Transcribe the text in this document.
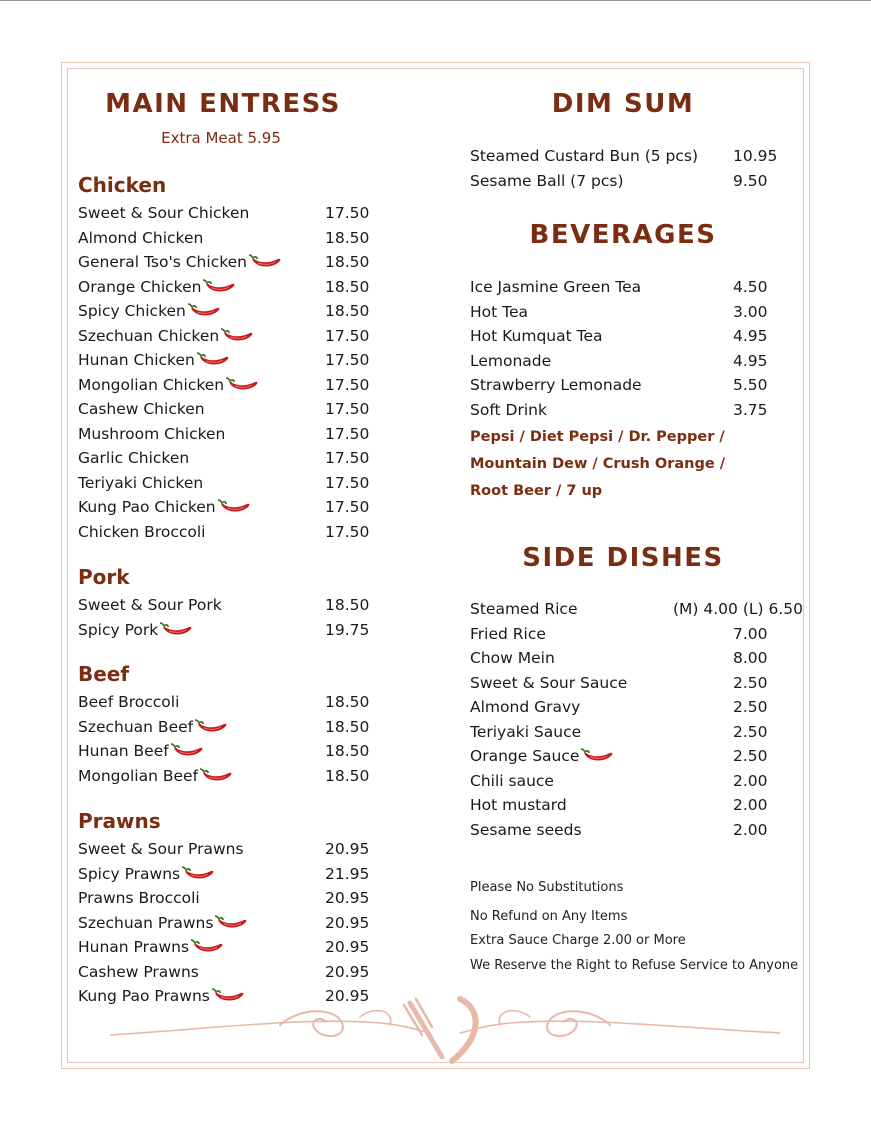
MAIN ENTRESS
Extra Meat 5.95
Chicken
Sweet & Sour Chicken	17.50
Almond Chicken	18.50
General Tso's Chicken	18.50
Orange Chicken	18.50
Spicy Chicken	18.50
Szechuan Chicken	17.50
Hunan Chicken	17.50
Mongolian Chicken	17.50
Cashew Chicken	17.50
Mushroom Chicken	17.50
Garlic Chicken	17.50
Teriyaki Chicken	17.50
Kung Pao Chicken	17.50
Chicken Broccoli	17.50
Pork
Sweet & Sour Pork	18.50
Spicy Pork	19.75
Beef
Beef Broccoli	18.50
Szechuan Beef	18.50
Hunan Beef	18.50
Mongolian Beef	18.50
Prawns
Sweet & Sour Prawns	20.95
Spicy Prawns	21.95
Prawns Broccoli	20.95
Szechuan Prawns	20.95
Hunan Prawns	20.95
Cashew Prawns	20.95
Kung Pao Prawns	20.95
DIM SUM
Steamed Custard Bun (5 pcs) 10.95
Sesame Ball (7 pcs)	9.50
BEVERAGES
Ice Jasmine Green Tea	4.50
Hot Tea	3.00
Hot Kumquat Tea	4.95
Lemonade	4.95
Strawberry Lemonade	5.50
Soft Drink	3.75
Pepsi / Diet Pepsi / Dr. Pepper /
Mountain Dew / Crush Orange /
Root Beer / 7 up
SIDE DISHES
Steamed Rice	(M) 4.00 (L) 6.50
Fried Rice	7.00
Chow Mein	8.00
Sweet & Sour Sauce	2.50
Almond Gravy	2.50
Teriyaki Sauce	2.50
Orange Sauce	2.50
Chili sauce	2.00
Hot mustard	2.00
Sesame seeds	2.00
Please No Substitutions
No Refund on Any Items
Extra Sauce Charge 2.00 or More
We Reserve the Right to Refuse Service to Anyone
